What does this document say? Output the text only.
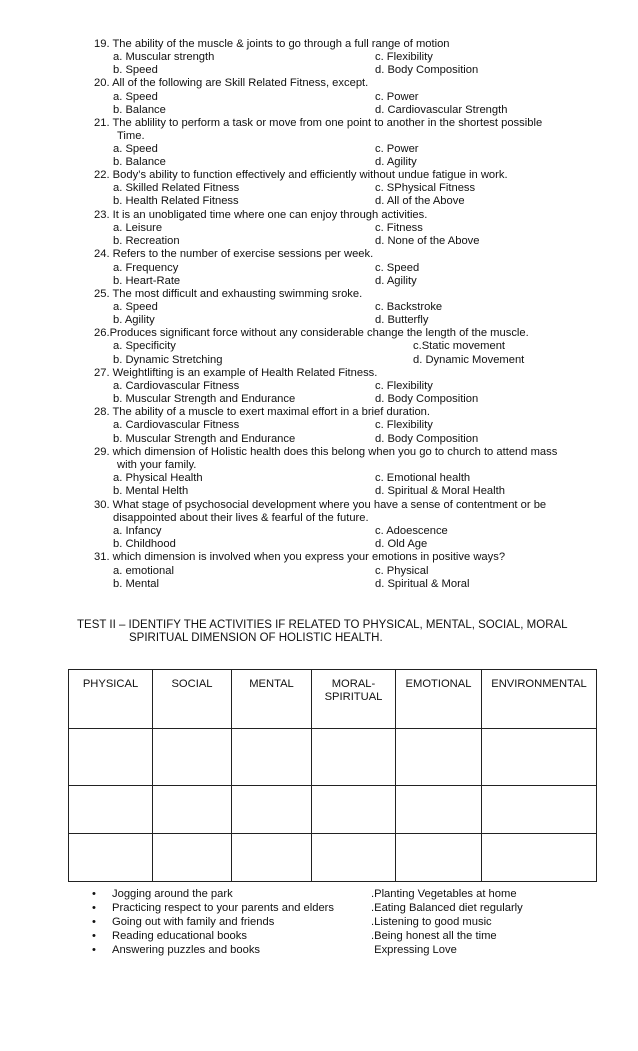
19. The ability of the muscle & joints to go through a full range of motion
a. Muscular strength	c. Flexibility
b. Speed	d. Body Composition
20. All of the following are Skill Related Fitness, except.
a. Speed	c. Power
b. Balance	d. Cardiovascular Strength
21. The ablility to perform a task or move from one point to another in the shortest possible
Time.
a. Speed	c. Power
b. Balance	d. Agility
22. Body’s ability to function effectively and efficiently without undue fatigue in work.
a. Skilled Related Fitness	c. SPhysical Fitness
b. Health Related Fitness	d. All of the Above
23. It is an unobligated time where one can enjoy through activities.
a. Leisure	c. Fitness
b. Recreation	d. None of the Above
24. Refers to the number of exercise sessions per week.
a. Frequency	c. Speed
b. Heart-Rate	d. Agility
25. The most difficult and exhausting swimming sroke.
a. Speed	c. Backstroke
b. Agility	d. Butterfly
26.Produces significant force without any considerable change the length of the muscle.
a. Specificity	c.Static movement
b. Dynamic Stretching	d. Dynamic Movement
27. Weightlifting is an example of Health Related Fitness.
a. Cardiovascular Fitness	c. Flexibility
b. Muscular Strength and Endurance	d. Body Composition
28. The ability of a muscle to exert maximal effort in a brief duration.
a. Cardiovascular Fitness	c. Flexibility
b. Muscular Strength and Endurance	d. Body Composition
29. which dimension of Holistic health does this belong when you go to church to attend mass
with your family.
a. Physical Health	c. Emotional health
b. Mental Helth	d. Spiritual & Moral Health
30. What stage of psychosocial development where you have a sense of contentment or be
disappointed about their lives & fearful of the future.
a. Infancy	c. Adoescence
b. Childhood	d. Old Age
31. which dimension is involved when you express your emotions in positive ways?
a. emotional	c. Physical
b. Mental	d. Spiritual & Moral
TEST II – IDENTIFY THE ACTIVITIES IF RELATED TO PHYSICAL, MENTAL, SOCIAL, MORAL
SPIRITUAL DIMENSION OF HOLISTIC HEALTH.
PHYSICAL	SOCIAL	MENTAL	MORAL-
SPIRITUAL	EMOTIONAL	ENVIRONMENTAL

• Jogging around the park	.Planting Vegetables at home
• Practicing respect to your parents and elders	.Eating Balanced diet regularly
• Going out with family and friends	.Listening to good music
• Reading educational books	.Being honest all the time
• Answering puzzles and books	Expressing Love
